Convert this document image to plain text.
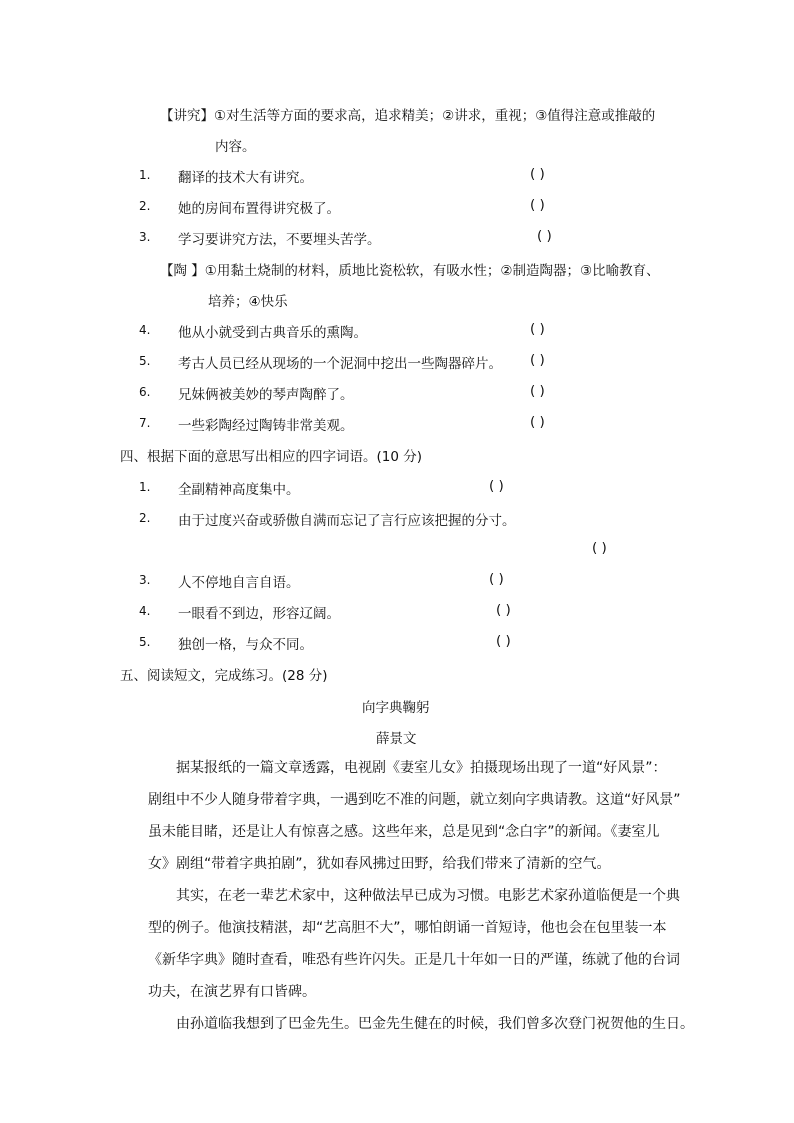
【讲究】①对生活等方面的要求高，追求精美；②讲求，重视；③值得注意或推敲的
内容。
1. 翻译的技术大有讲究。	( )
2. 她的房间布置得讲究极了。	( )
3. 学习要讲究方法，不要埋头苦学。	( )
【陶 】①用黏土烧制的材料，质地比瓷松软，有吸水性；②制造陶器；③比喻教育、
培养；④快乐
4. 他从小就受到古典音乐的熏陶。	( )
5. 考古人员已经从现场的一个泥洞中挖出一些陶器碎片。 ( )
6. 兄妹俩被美妙的琴声陶醉了。	( )
7. 一些彩陶经过陶铸非常美观。	( )
四、根据下面的意思写出相应的四字词语。(10 分)
1. 全副精神高度集中。	( )
2. 由于过度兴奋或骄傲自满而忘记了言行应该把握的分寸。
( )
3. 人不停地自言自语。	( )
4. 一眼看不到边，形容辽阔。	( )
5. 独创一格，与众不同。	( )
五、阅读短文，完成练习。(28 分)
向字典鞠躬
薛景文
据某报纸的一篇文章透露，电视剧《妻室儿女》拍摄现场出现了一道“好风景”：
剧组中不少人随身带着字典，一遇到吃不准的问题，就立刻向字典请教。这道“好风景”
虽未能目睹，还是让人有惊喜之感。这些年来，总是见到“念白字”的新闻。《妻室儿
女》剧组“带着字典拍剧”，犹如春风拂过田野，给我们带来了清新的空气。
其实，在老一辈艺术家中，这种做法早已成为习惯。电影艺术家孙道临便是一个典
型的例子。他演技精湛，却“艺高胆不大”，哪怕朗诵一首短诗，他也会在包里装一本
《新华字典》随时查看，唯恐有些许闪失。正是几十年如一日的严谨，练就了他的台词
功夫，在演艺界有口皆碑。
由孙道临我想到了巴金先生。巴金先生健在的时候，我们曾多次登门祝贺他的生日。
